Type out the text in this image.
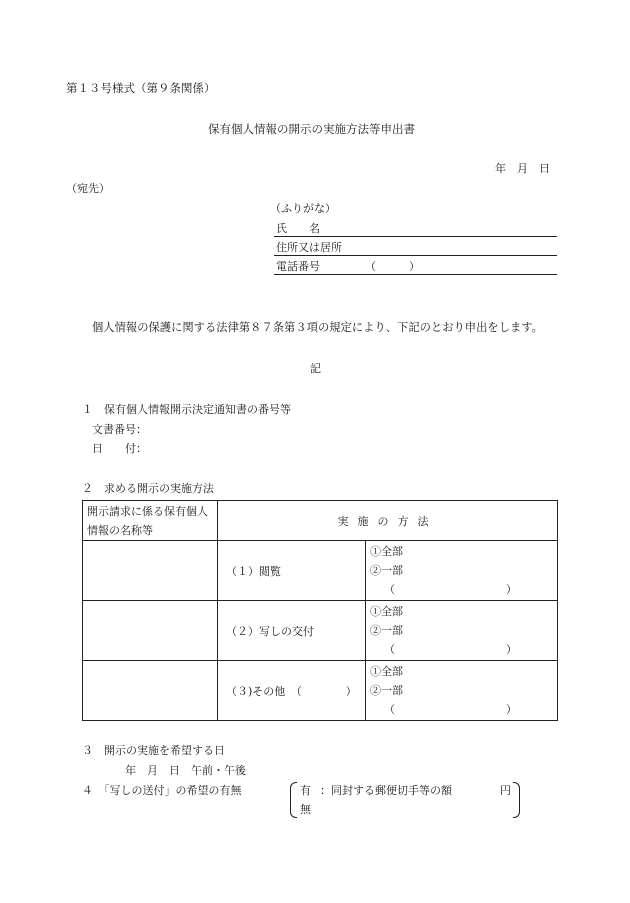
第１３号様式（第９条関係）
保有個人情報の開示の実施方法等申出書
年　月　日
（宛先）
（ふりがな）
氏　　名
住所又は居所
電話番号	（　　　）
個人情報の保護に関する法律第８７条第３項の規定により、下記のとおり申出をします。
記
１　保有個人情報開示決定通知書の番号等
文書番号：
日　　付：
２　求める開示の実施方法
開示請求に係る保有個人情報の名称等	実施の方法	
	（１）閲覧	①全部
②一部
（ ）

	（２）写しの交付	①全部
②一部
（ ）

	（３)その他　（　　　　）	①全部
②一部
（ ）
３　開示の実施を希望する日
年　月　日　午前・午後
４　「写しの送付」の希望の有無	有 ：同封する郵便切手等の額	円
無
